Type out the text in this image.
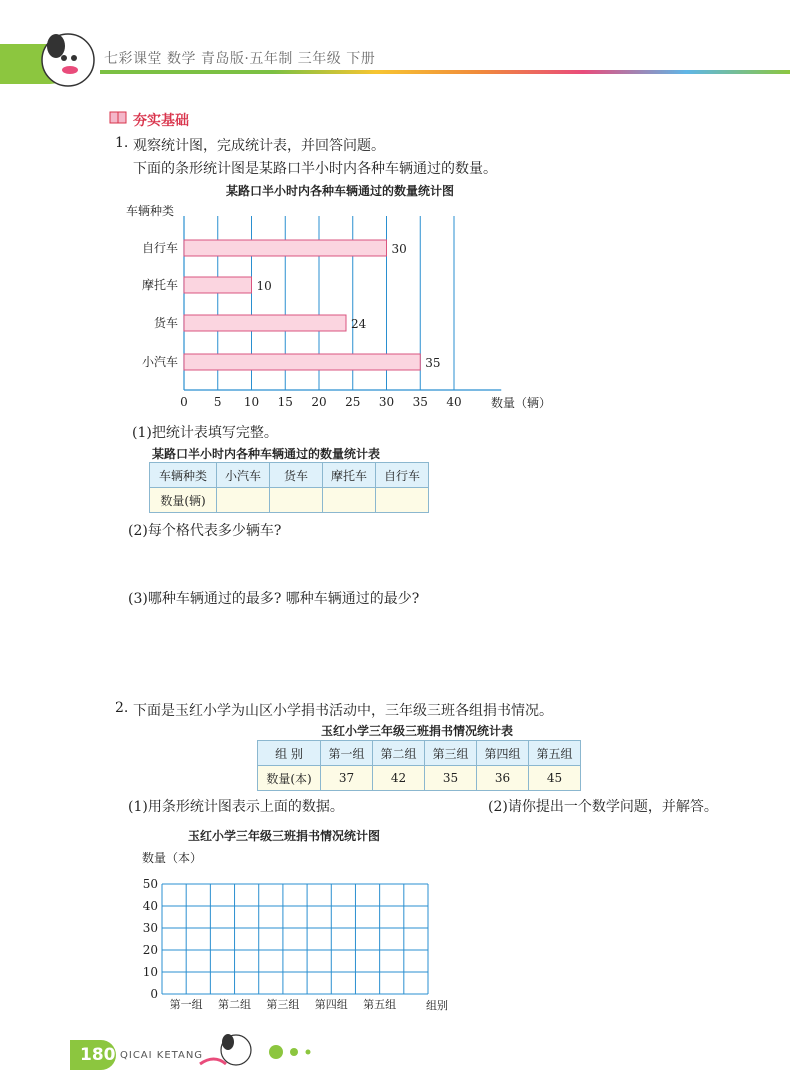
七彩课堂 数学 青岛版·五年制 三年级 下册
夯实基础
1. 观察统计图，完成统计表，并回答问题。
下面的条形统计图是某路口半小时内各种车辆通过的数量。
某路口半小时内各种车辆通过的数量统计图
车辆种类
自行车	30
摩托车	10
货车	24
小汽车	35
0 5 10 15 20 25 30 35 40 数量（辆）
(1)把统计表填写完整。
某路口半小时内各种车辆通过的数量统计表
车辆种类	小汽车	货车	摩托车	自行车
数量(辆)				
(2)每个格代表多少辆车?
(3)哪种车辆通过的最多? 哪种车辆通过的最少?
2. 下面是玉红小学为山区小学捐书活动中，三年级三班各组捐书情况。
玉红小学三年级三班捐书情况统计表
组 别	第一组	第二组	第三组	第四组	第五组
数量(本)	37	42	35	36	45
(1)用条形统计图表示上面的数据。	(2)请你提出一个数学问题，并解答。
玉红小学三年级三班捐书情况统计图
数量（本）
0
10
20
30
40
50
第一组 第二组 第三组 第四组 第五组	组别
180 QICAI KETANG
